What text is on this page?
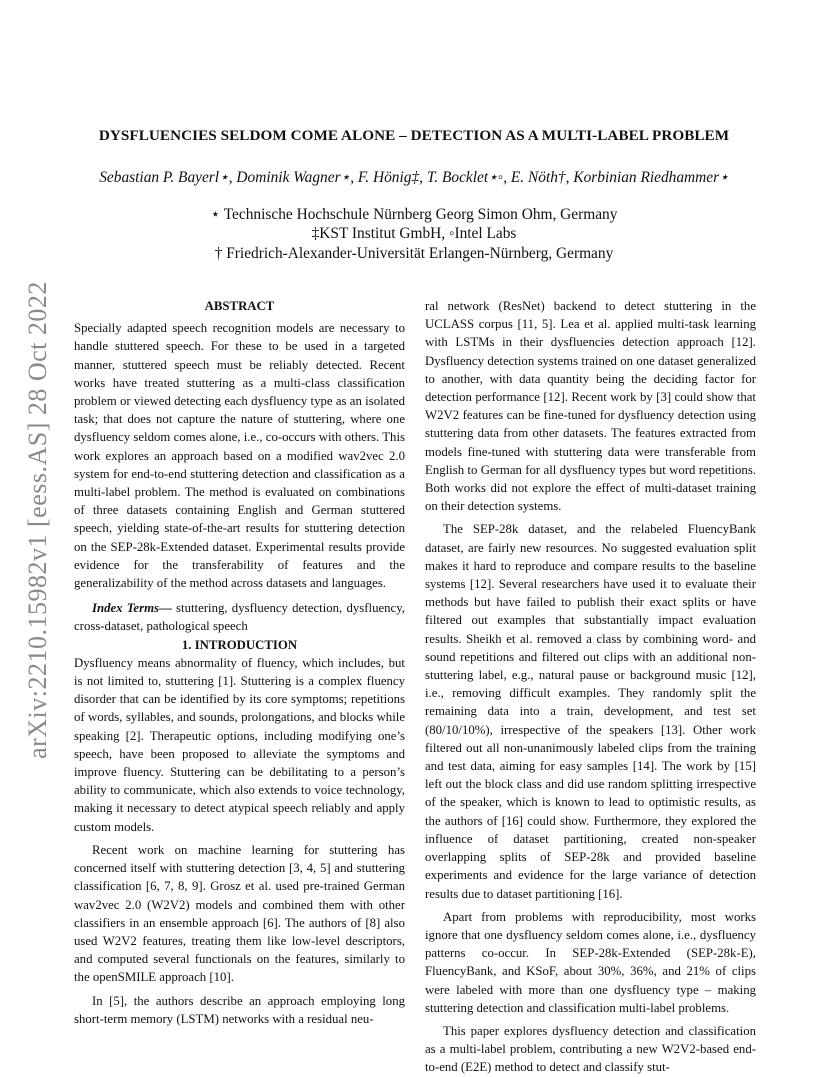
arXiv:2210.15982v1 [eess.AS] 28 Oct 2022
DYSFLUENCIES SELDOM COME ALONE – DETECTION AS A MULTI-LABEL PROBLEM
Sebastian P. Bayerl⋆, Dominik Wagner⋆, F. Hönig‡, T. Bocklet⋆◦, E. Nöth†, Korbinian Riedhammer⋆
⋆ Technische Hochschule Nürnberg Georg Simon Ohm, Germany
‡KST Institut GmbH, ◦Intel Labs
† Friedrich-Alexander-Universität Erlangen-Nürnberg, Germany

ABSTRACT

Specially adapted speech recognition models are necessary to handle stuttered speech. For these to be used in a targeted manner, stuttered speech must be reliably detected. Recent works have treated stuttering as a multi-class classification problem or viewed detecting each dysfluency type as an isolated task; that does not capture the nature of stuttering, where one dysfluency seldom comes alone, i.e., co-occurs with others. This work explores an approach based on a modified wav2vec 2.0 system for end-to-end stuttering detection and classification as a multi-label problem. The method is evaluated on combinations of three datasets containing English and German stuttered speech, yielding state-of-the-art results for stuttering detection on the SEP-28k-Extended dataset. Experimental results provide evidence for the transferability of features and the generalizability of the method across datasets and languages.

Index Terms— stuttering, dysfluency detection, dysfluency, cross-dataset, pathological speech

1. INTRODUCTION

Dysfluency means abnormality of fluency, which includes, but is not limited to, stuttering [1]. Stuttering is a complex fluency disorder that can be identified by its core symptoms; repetitions of words, syllables, and sounds, prolongations, and blocks while speaking [2]. Therapeutic options, including modifying one’s speech, have been proposed to alleviate the symptoms and improve fluency. Stuttering can be debilitating to a person’s ability to communicate, which also extends to voice technology, making it necessary to detect atypical speech reliably and apply custom models.

Recent work on machine learning for stuttering has concerned itself with stuttering detection [3, 4, 5] and stuttering classification [6, 7, 8, 9]. Grosz et al. used pre-trained German wav2vec 2.0 (W2V2) models and combined them with other classifiers in an ensemble approach [6]. The authors of [8] also used W2V2 features, treating them like low-level descriptors, and computed several functionals on the features, similarly to the openSMILE approach [10].

In [5], the authors describe an approach employing long short-term memory (LSTM) networks with a residual neu-

ral network (ResNet) backend to detect stuttering in the UCLASS corpus [11, 5]. Lea et al. applied multi-task learning with LSTMs in their dysfluencies detection approach [12]. Dysfluency detection systems trained on one dataset generalized to another, with data quantity being the deciding factor for detection performance [12]. Recent work by [3] could show that W2V2 features can be fine-tuned for dysfluency detection using stuttering data from other datasets. The features extracted from models fine-tuned with stuttering data were transferable from English to German for all dysfluency types but word repetitions. Both works did not explore the effect of multi-dataset training on their detection systems.

The SEP-28k dataset, and the relabeled FluencyBank dataset, are fairly new resources. No suggested evaluation split makes it hard to reproduce and compare results to the baseline systems [12]. Several researchers have used it to evaluate their methods but have failed to publish their exact splits or have filtered out examples that substantially impact evaluation results. Sheikh et al. removed a class by combining word- and sound repetitions and filtered out clips with an additional non-stuttering label, e.g., natural pause or background music [12], i.e., removing difficult examples. They randomly split the remaining data into a train, development, and test set (80/10/10%), irrespective of the speakers [13]. Other work filtered out all non-unanimously labeled clips from the training and test data, aiming for easy samples [14]. The work by [15] left out the block class and did use random splitting irrespective of the speaker, which is known to lead to optimistic results, as the authors of [16] could show. Furthermore, they explored the influence of dataset partitioning, created non-speaker overlapping splits of SEP-28k and provided baseline experiments and evidence for the large variance of detection results due to dataset partitioning [16].

Apart from problems with reproducibility, most works ignore that one dysfluency seldom comes alone, i.e., dysfluency patterns co-occur. In SEP-28k-Extended (SEP-28k-E), FluencyBank, and KSoF, about 30%, 36%, and 21% of clips were labeled with more than one dysfluency type – making stuttering detection and classification multi-label problems.

This paper explores dysfluency detection and classification as a multi-label problem, contributing a new W2V2-based end-to-end (E2E) method to detect and classify stut-
